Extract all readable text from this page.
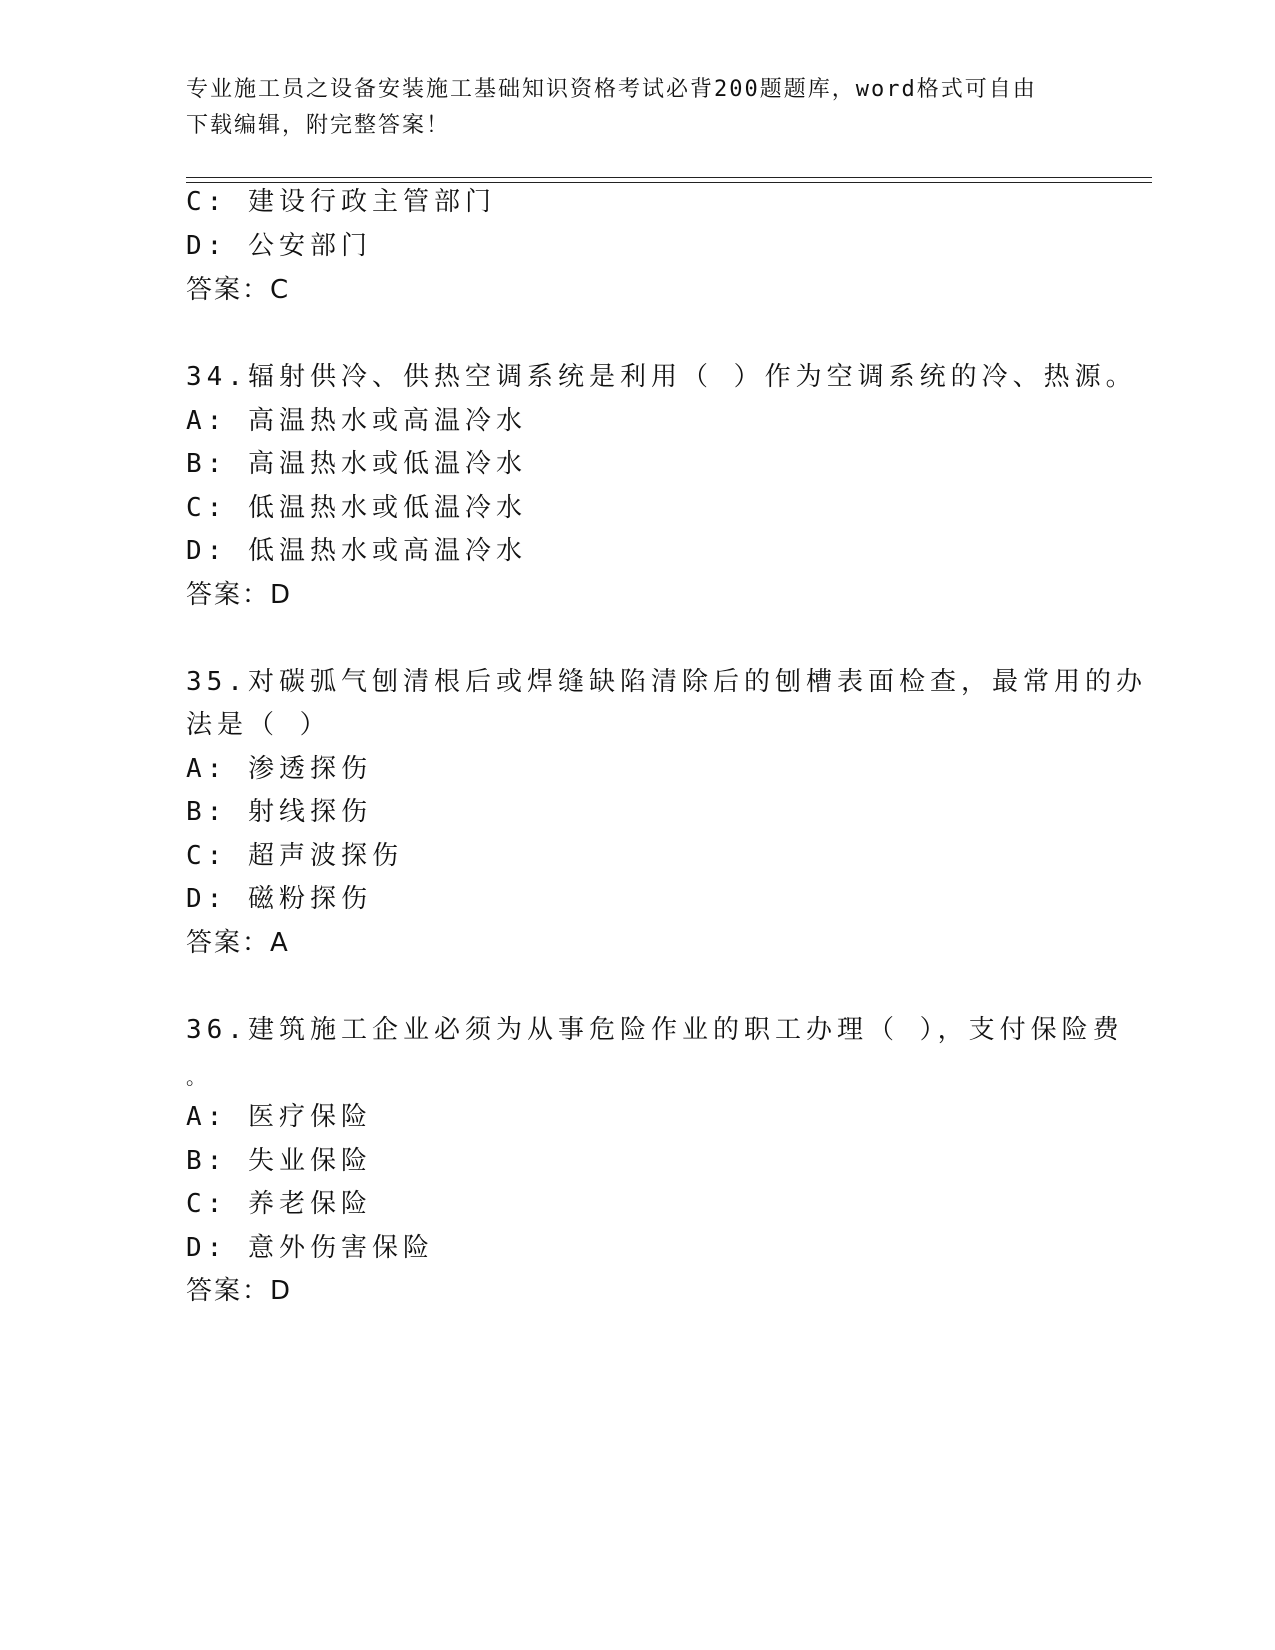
专业施工员之设备安装施工基础知识资格考试必背200题题库，word格式可自由
下载编辑，附完整答案！
C: 建设行政主管部门
D: 公安部门
答案：C
34.辐射供冷、供热空调系统是利用（ ）作为空调系统的冷、热源。
A: 高温热水或高温冷水
B: 高温热水或低温冷水
C: 低温热水或低温冷水
D: 低温热水或高温冷水
答案：D
35.对碳弧气刨清根后或焊缝缺陷清除后的刨槽表面检查，最常用的办
法是（ ）
A: 渗透探伤
B: 射线探伤
C: 超声波探伤
D: 磁粉探伤
答案：A
36.建筑施工企业必须为从事危险作业的职工办理（ ），支付保险费
。
A: 医疗保险
B: 失业保险
C: 养老保险
D: 意外伤害保险
答案：D
